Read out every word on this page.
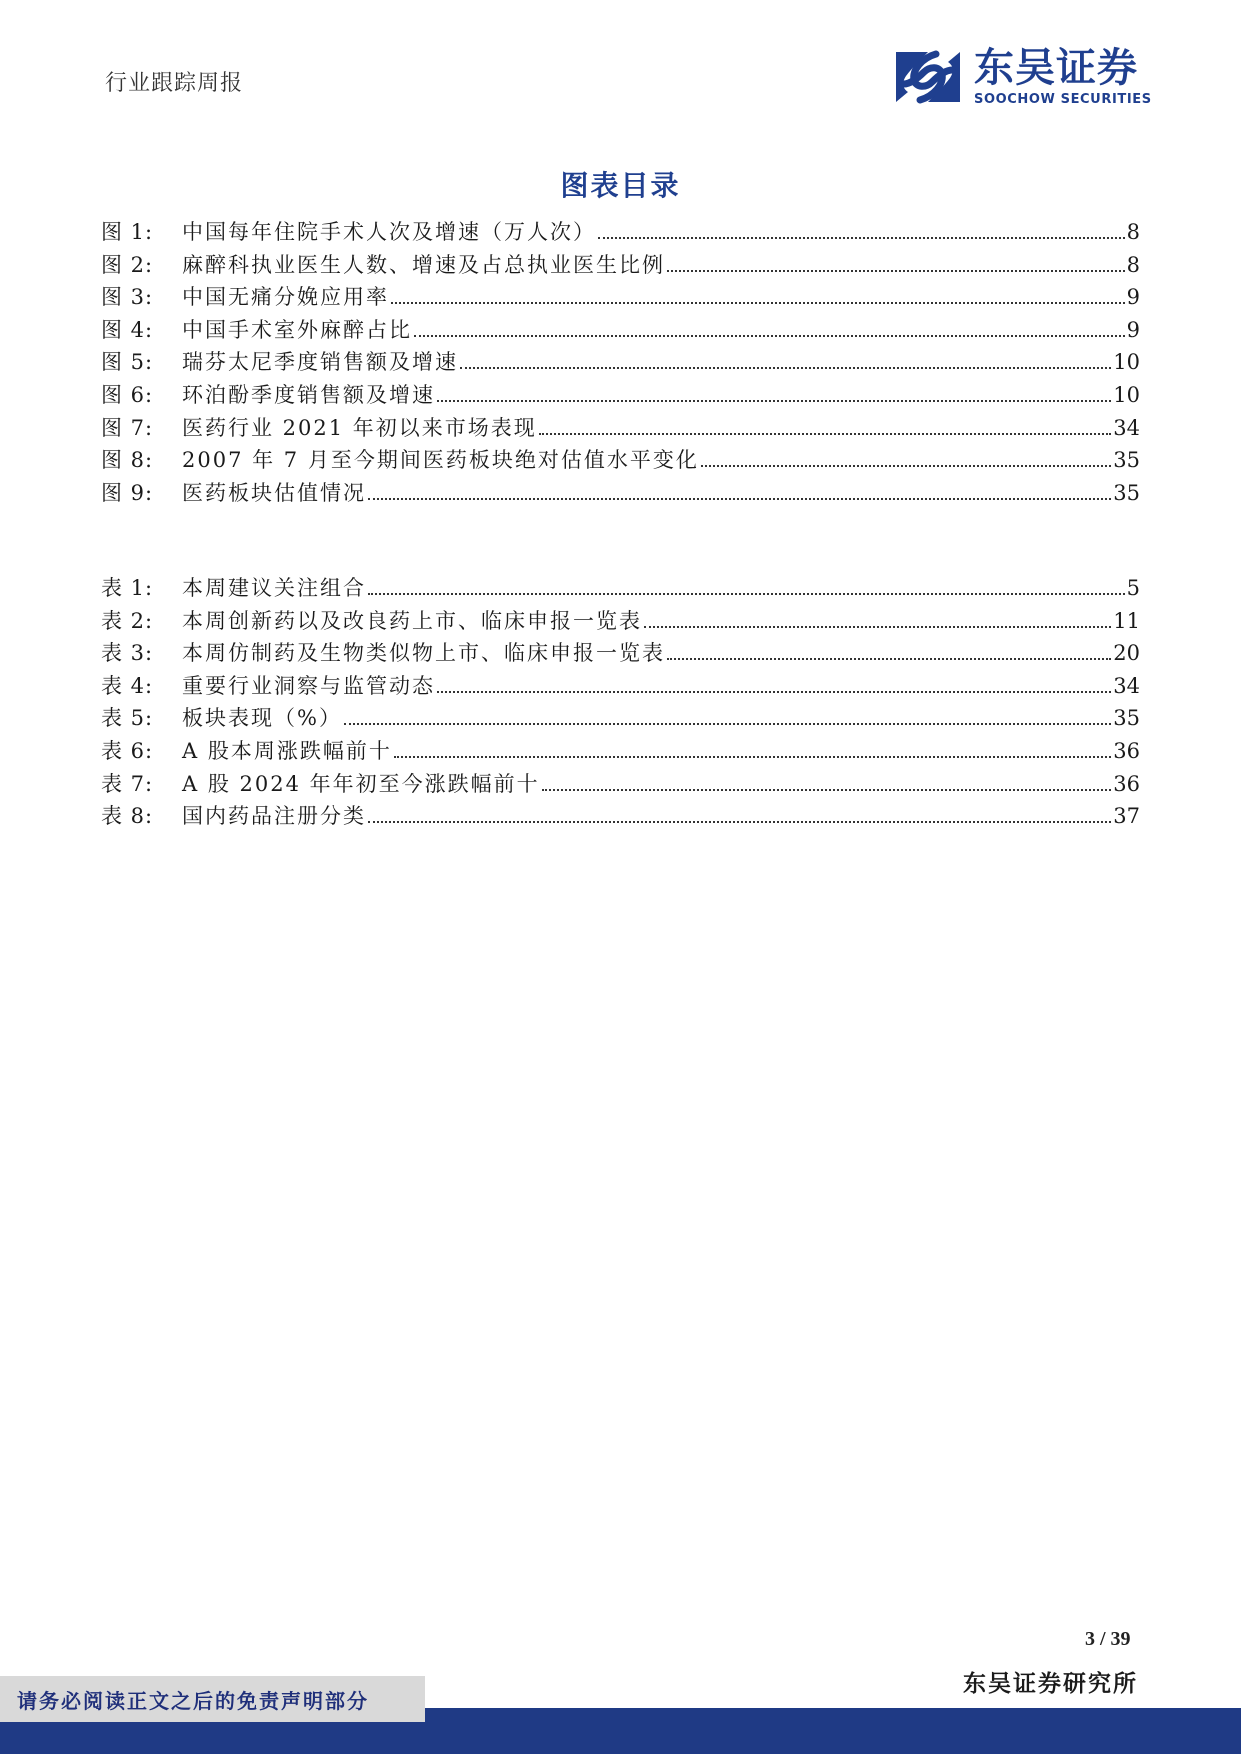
行业跟踪周报	东吴证券
SOOCHOW SECURITIES
图表目录
图 1:	中国每年住院手术人次及增速（万人次）	8
图 2:	麻醉科执业医生人数、增速及占总执业医生比例	8
图 3:	中国无痛分娩应用率	9
图 4:	中国手术室外麻醉占比	9
图 5:	瑞芬太尼季度销售额及增速	10
图 6:	环泊酚季度销售额及增速	10
图 7:	医药行业 2021 年初以来市场表现	34
图 8:	2007 年 7 月至今期间医药板块绝对估值水平变化	35
图 9:	医药板块估值情况	35
表 1:	本周建议关注组合	5
表 2:	本周创新药以及改良药上市、临床申报一览表	11
表 3:	本周仿制药及生物类似物上市、临床申报一览表	20
表 4:	重要行业洞察与监管动态	34
表 5:	板块表现（%）	35
表 6:	A 股本周涨跌幅前十	36
表 7:	A 股 2024 年年初至今涨跌幅前十	36
表 8:	国内药品注册分类	37
3 / 39
东吴证券研究所
请务必阅读正文之后的免责声明部分
